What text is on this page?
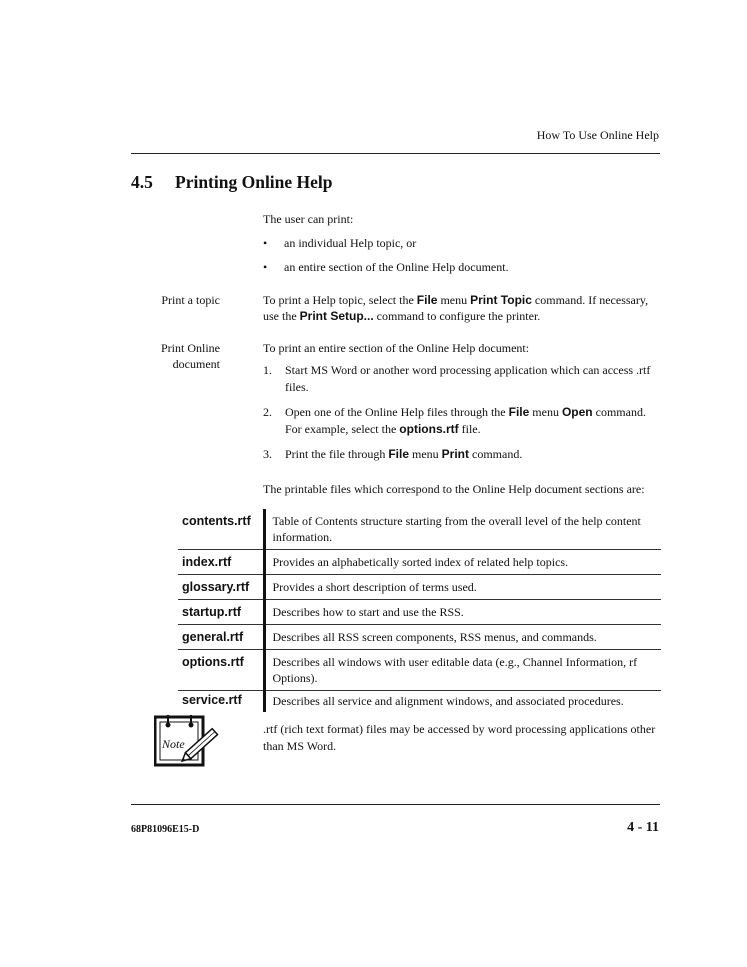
How To Use Online Help
4.5 Printing Online Help
The user can print:
• an individual Help topic, or
• an entire section of the Online Help document.
Print a topic	To print a Help topic, select the File menu Print Topic command. If necessary,
use the Print Setup... command to configure the printer.
Print Online
document
To print an entire section of the Online Help document:
1. Start MS Word or another word processing application which can access .rtf files.
2. Open one of the Online Help files through the File menu Open command. For example, select the options.rtf file.
3. Print the file through File menu Print command.
The printable files which correspond to the Online Help document sections are:
contents.rtf	Table of Contents structure starting from the overall level of the help content information.
index.rtf	Provides an alphabetically sorted index of related help topics.
glossary.rtf	Provides a short description of terms used.
startup.rtf	Describes how to start and use the RSS.
general.rtf	Describes all RSS screen components, RSS menus, and commands.
options.rtf	Describes all windows with user editable data (e.g., Channel Information, rf Options).
service.rtf	Describes all service and alignment windows, and associated procedures.
Note
.rtf (rich text format) files may be accessed by word processing applications other than MS Word.
68P81096E15-D	4 - 11
